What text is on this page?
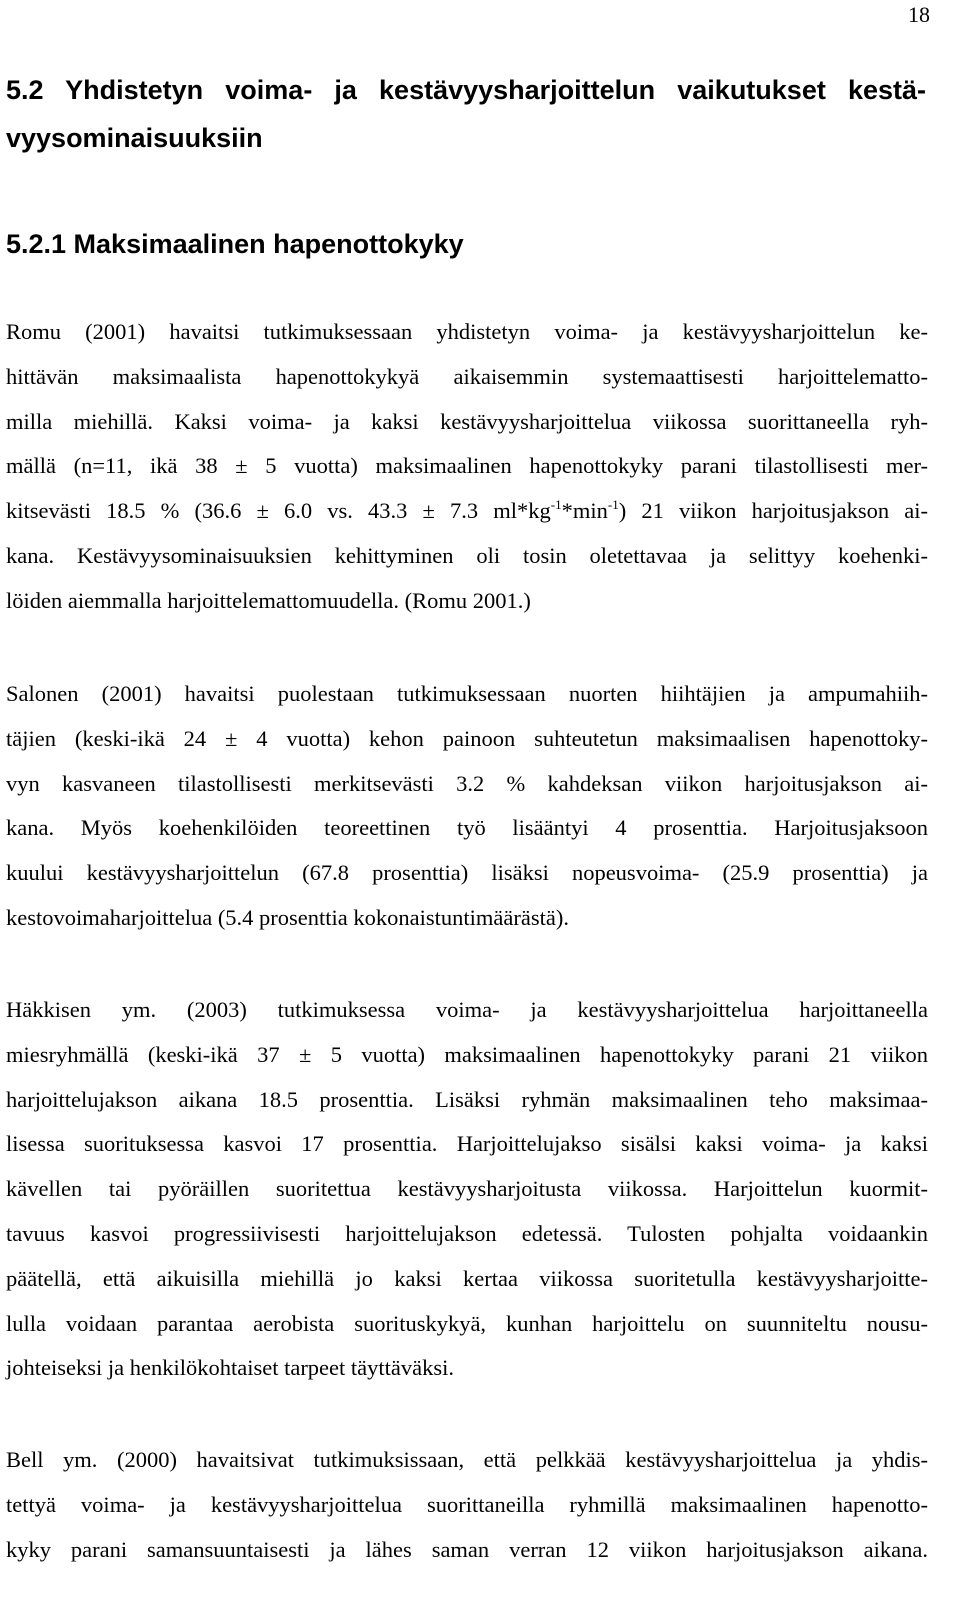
18
5.2 Yhdistetyn voima- ja kestävyysharjoittelun vaikutukset kestä-
vyysominaisuuksiin
5.2.1 Maksimaalinen hapenottokyky
Romu (2001) havaitsi tutkimuksessaan yhdistetyn voima- ja kestävyysharjoittelun ke-
hittävän maksimaalista hapenottokykyä aikaisemmin systemaattisesti harjoittelematto-
milla miehillä. Kaksi voima- ja kaksi kestävyysharjoittelua viikossa suorittaneella ryh-
mällä (n=11, ikä 38 ± 5 vuotta) maksimaalinen hapenottokyky parani tilastollisesti mer-
kitsevästi 18.5 % (36.6 ± 6.0 vs. 43.3 ± 7.3 $ml*kg^{-1}*\min^{-1}$) 21 viikon harjoitusjakson ai-
kana. Kestävyysominaisuuksien kehittyminen oli tosin oletettavaa ja selittyy koehenki-
löiden aiemmalla harjoittelemattomuudella. (Romu 2001.)
Salonen (2001) havaitsi puolestaan tutkimuksessaan nuorten hiihtäjien ja ampumahiih-
täjien (keski-ikä 24 ± 4 vuotta) kehon painoon suhteutetun maksimaalisen hapenottoky-
vyn kasvaneen tilastollisesti merkitsevästi 3.2 % kahdeksan viikon harjoitusjakson ai-
kana. Myös koehenkilöiden teoreettinen työ lisääntyi 4 prosenttia. Harjoitusjaksoon
kuului kestävyysharjoittelun (67.8 prosenttia) lisäksi nopeusvoima- (25.9 prosenttia) ja
kestovoimaharjoittelua (5.4 prosenttia kokonaistuntimäärästä).
Häkkisen ym. (2003) tutkimuksessa voima- ja kestävyysharjoittelua harjoittaneella
miesryhmällä (keski-ikä 37 ± 5 vuotta) maksimaalinen hapenottokyky parani 21 viikon
harjoittelujakson aikana 18.5 prosenttia. Lisäksi ryhmän maksimaalinen teho maksimaa-
lisessa suorituksessa kasvoi 17 prosenttia. Harjoittelujakso sisälsi kaksi voima- ja kaksi
kävellen tai pyöräillen suoritettua kestävyysharjoitusta viikossa. Harjoittelun kuormit-
tavuus kasvoi progressiivisesti harjoittelujakson edetessä. Tulosten pohjalta voidaankin
päätellä, että aikuisilla miehillä jo kaksi kertaa viikossa suoritetulla kestävyysharjoitte-
lulla voidaan parantaa aerobista suorituskykyä, kunhan harjoittelu on suunniteltu nousu-
johteiseksi ja henkilökohtaiset tarpeet täyttäväksi.
Bell ym. (2000) havaitsivat tutkimuksissaan, että pelkkää kestävyysharjoittelua ja yhdis-
tettyä voima- ja kestävyysharjoittelua suorittaneilla ryhmillä maksimaalinen hapenotto-
kyky parani samansuuntaisesti ja lähes saman verran 12 viikon harjoitusjakson aikana.
